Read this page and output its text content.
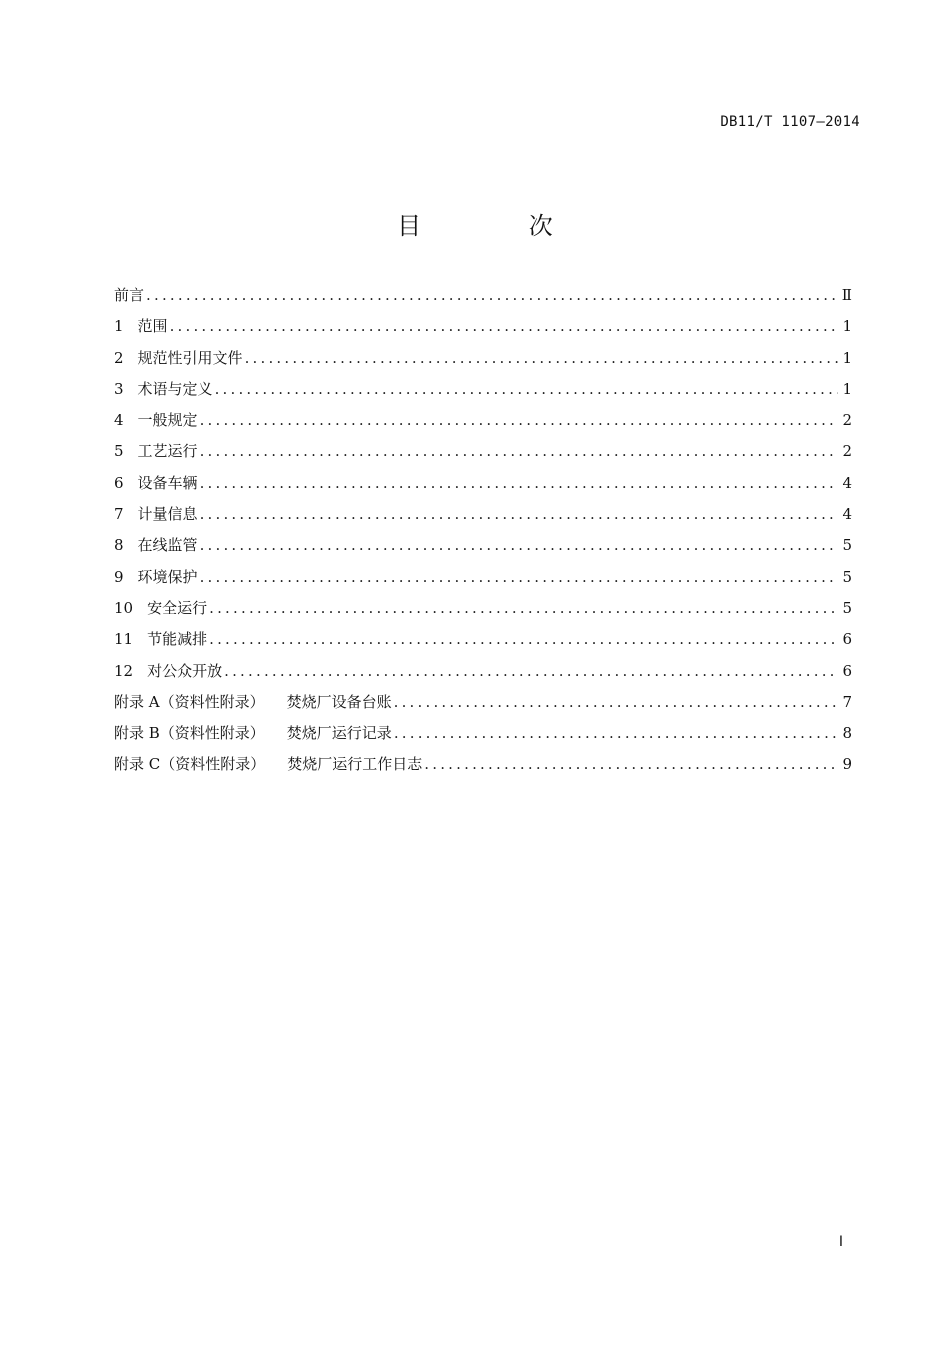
DB11/T 1107—2014
目 次
前言 .....	Ⅱ
1 范围 .....	1
2 规范性引用文件 .....	1
3 术语与定义 .....	1
4 一般规定 .....	2
5 工艺运行 .....	2
6 设备车辆 .....	4
7 计量信息 .....	4
8 在线监管 .....	5
9 环境保护 .....	5
10 安全运行 .....	5
11 节能减排 .....	6
12 对公众开放 .....	6
附录 A（资料性附录） 焚烧厂设备台账 .....	7
附录 B（资料性附录） 焚烧厂运行记录 .....	8
附录 C（资料性附录） 焚烧厂运行工作日志 .....	9
I
